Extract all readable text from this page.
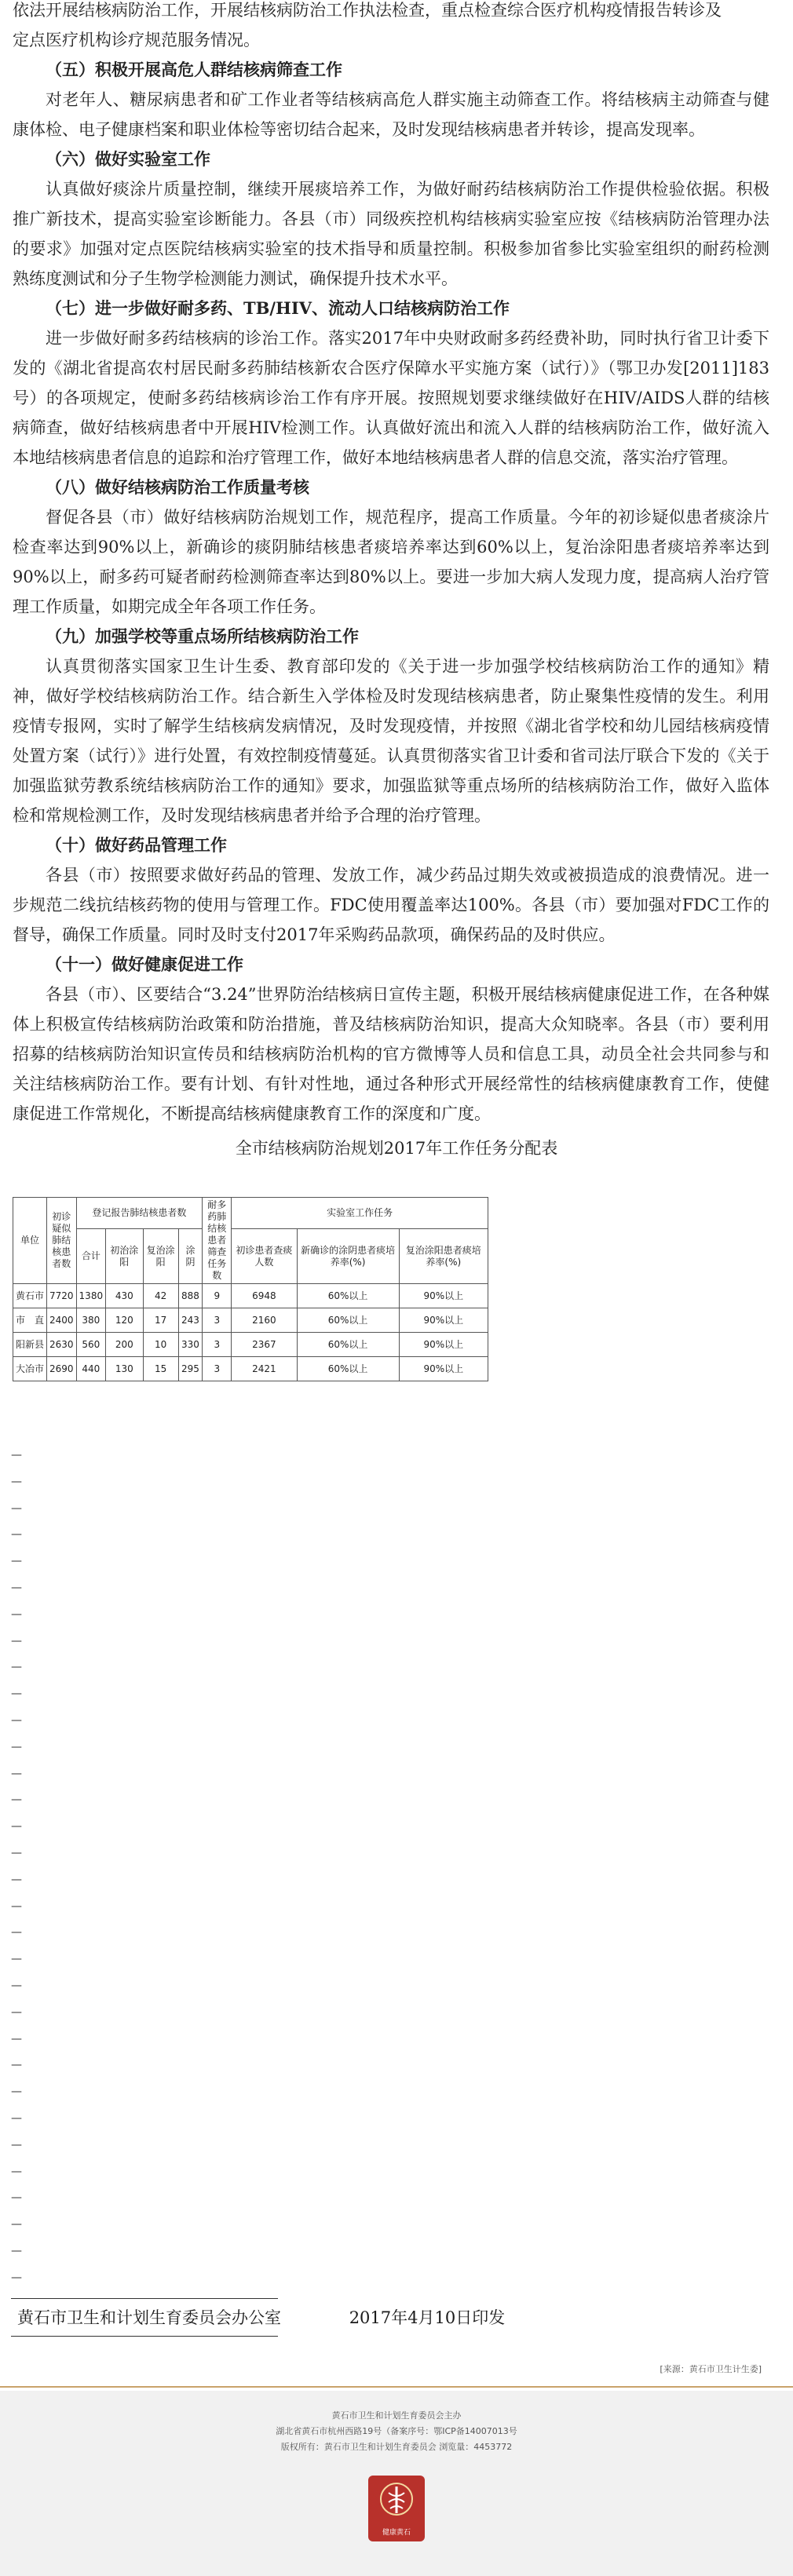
依法开展结核病防治工作，开展结核病防治工作执法检查，重点检查综合医疗机构疫情报告转诊及
定点医疗机构诊疗规范服务情况。
（五）积极开展高危人群结核病筛查工作
对老年人、糖尿病患者和矿工作业者等结核病高危人群实施主动筛查工作。将结核病主动筛查与健康体检、电子健康档案和职业体检等密切结合起来，及时发现结核病患者并转诊，提高发现率。
（六）做好实验室工作
认真做好痰涂片质量控制，继续开展痰培养工作，为做好耐药结核病防治工作提供检验依据。积极推广新技术，提高实验室诊断能力。各县（市）同级疾控机构结核病实验室应按《结核病防治管理办法的要求》加强对定点医院结核病实验室的技术指导和质量控制。积极参加省参比实验室组织的耐药检测熟练度测试和分子生物学检测能力测试，确保提升技术水平。
（七）进一步做好耐多药、TB/HIV、流动人口结核病防治工作
进一步做好耐多药结核病的诊治工作。落实2017年中央财政耐多药经费补助，同时执行省卫计委下发的《湖北省提高农村居民耐多药肺结核新农合医疗保障水平实施方案（试行）》（鄂卫办发[2011]183号）的各项规定，使耐多药结核病诊治工作有序开展。按照规划要求继续做好在HIV/AIDS人群的结核病筛查，做好结核病患者中开展HIV检测工作。认真做好流出和流入人群的结核病防治工作，做好流入本地结核病患者信息的追踪和治疗管理工作，做好本地结核病患者人群的信息交流，落实治疗管理。
（八）做好结核病防治工作质量考核
督促各县（市）做好结核病防治规划工作，规范程序，提高工作质量。今年的初诊疑似患者痰涂片检查率达到90%以上，新确诊的痰阴肺结核患者痰培养率达到60%以上，复治涂阳患者痰培养率达到90%以上，耐多药可疑者耐药检测筛查率达到80%以上。要进一步加大病人发现力度，提高病人治疗管理工作质量，如期完成全年各项工作任务。
（九）加强学校等重点场所结核病防治工作
认真贯彻落实国家卫生计生委、教育部印发的《关于进一步加强学校结核病防治工作的通知》精神，做好学校结核病防治工作。结合新生入学体检及时发现结核病患者，防止聚集性疫情的发生。利用疫情专报网，实时了解学生结核病发病情况，及时发现疫情，并按照《湖北省学校和幼儿园结核病疫情处置方案（试行）》进行处置，有效控制疫情蔓延。认真贯彻落实省卫计委和省司法厅联合下发的《关于加强监狱劳教系统结核病防治工作的通知》要求，加强监狱等重点场所的结核病防治工作，做好入监体检和常规检测工作，及时发现结核病患者并给予合理的治疗管理。
（十）做好药品管理工作
各县（市）按照要求做好药品的管理、发放工作，减少药品过期失效或被损造成的浪费情况。进一步规范二线抗结核药物的使用与管理工作。FDC使用覆盖率达100%。各县（市）要加强对FDC工作的督导，确保工作质量。同时及时支付2017年采购药品款项，确保药品的及时供应。
（十一）做好健康促进工作
各县（市）、区要结合“3.24”世界防治结核病日宣传主题，积极开展结核病健康促进工作，在各种媒体上积极宣传结核病防治政策和防治措施，普及结核病防治知识，提高大众知晓率。各县（市）要利用招募的结核病防治知识宣传员和结核病防治机构的官方微博等人员和信息工具，动员全社会共同参与和关注结核病防治工作。要有计划、有针对性地，通过各种形式开展经常性的结核病健康教育工作，使健康促进工作常规化，不断提高结核病健康教育工作的深度和广度。
全市结核病防治规划2017年工作任务分配表
单位	初诊疑似肺结核患者数	登记报告肺结核患者数				耐多药肺结核患者筛查任务数	实验室工作任务		
		合计	初治涂阳	复治涂阳	涂阴		初诊患者查痰人数	新确诊的涂阴患者痰培养率(%)	复治涂阳患者痰培养率(%)
黄石市	7720	1380	430	42	888	9	6948	60%以上	90%以上
市　直	2400	380	120	17	243	3	2160	60%以上	90%以上
阳新县	2630	560	200	10	330	3	2367	60%以上	90%以上
大冶市	2690	440	130	15	295	3	2421	60%以上	90%以上
—
—
—
—
—
—
—
—
—
—
—
—
—
—
—
—
—
—
—
—
—
—
—
—
—
—
—
—
—
—
—
—
黄石市卫生和计划生育委员会办公室	2017年4月10日印发
[来源：黄石市卫生计生委]
黄石市卫生和计划生育委员会主办
湖北省黄石市杭州西路19号（备案序号：鄂ICP备14007013号
版权所有：黄石市卫生和计划生育委员会 浏览量：4453772
健康黄石
